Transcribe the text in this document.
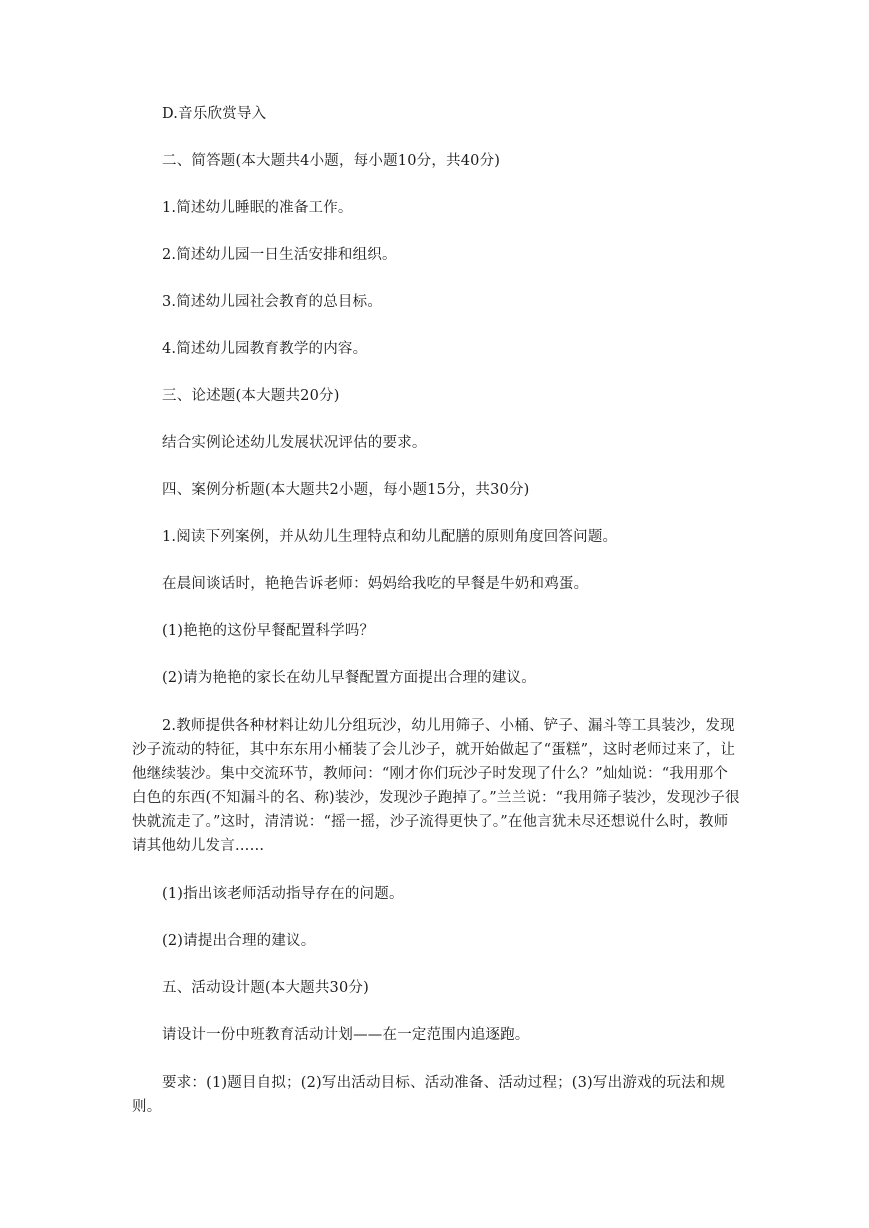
D.音乐欣赏导入

二、简答题(本大题共4小题，每小题10分，共40分)

1.简述幼儿睡眠的准备工作。

2.简述幼儿园一日生活安排和组织。

3.简述幼儿园社会教育的总目标。

4.简述幼儿园教育教学的内容。

三、论述题(本大题共20分)

结合实例论述幼儿发展状况评估的要求。

四、案例分析题(本大题共2小题，每小题15分，共30分)

1.阅读下列案例，并从幼儿生理特点和幼儿配膳的原则角度回答问题。

在晨间谈话时，艳艳告诉老师：妈妈给我吃的早餐是牛奶和鸡蛋。

(1)艳艳的这份早餐配置科学吗？

(2)请为艳艳的家长在幼儿早餐配置方面提出合理的建议。

2.教师提供各种材料让幼儿分组玩沙，幼儿用筛子、小桶、铲子、漏斗等工具装沙，发现沙子流动的特征，其中东东用小桶装了会儿沙子，就开始做起了“蛋糕”，这时老师过来了，让他继续装沙。集中交流环节，教师问：“刚才你们玩沙子时发现了什么？”灿灿说：“我用那个白色的东西(不知漏斗的名、称)装沙，发现沙子跑掉了。”兰兰说：“我用筛子装沙，发现沙子很快就流走了。”这时，清清说：“摇一摇，沙子流得更快了。”在他言犹未尽还想说什么时，教师请其他幼儿发言……

(1)指出该老师活动指导存在的问题。

(2)请提出合理的建议。

五、活动设计题(本大题共30分)

请设计一份中班教育活动计划——在一定范围内追逐跑。

要求：(1)题目自拟；(2)写出活动目标、活动准备、活动过程；(3)写出游戏的玩法和规则。
